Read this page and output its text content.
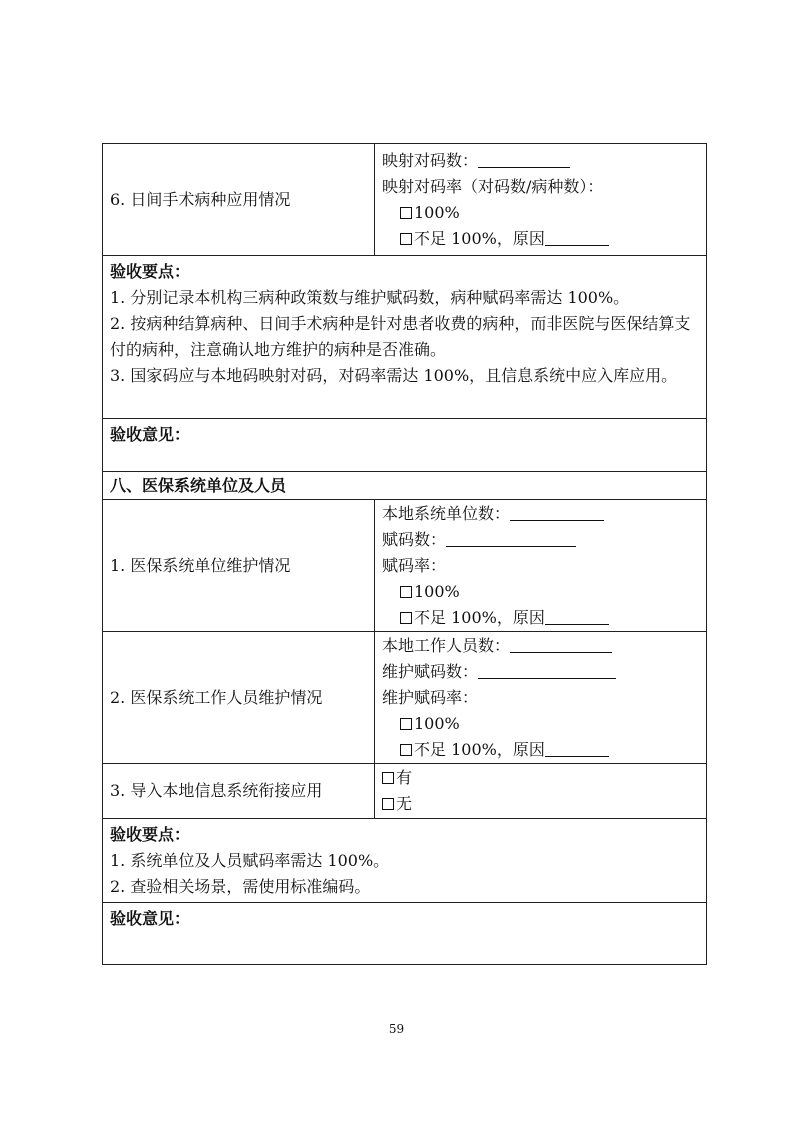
6. 日间手术病种应用情况	映射对码数：
映射对码率（对码数/病种数）：
100%
不足 100%，原因

验收要点：
1. 分别记录本机构三病种政策数与维护赋码数，病种赋码率需达 100%。
2. 按病种结算病种、日间手术病种是针对患者收费的病种，而非医院与医保结算支付的病种，注意确认地方维护的病种是否准确。
3. 国家码应与本地码映射对码，对码率需达 100%，且信息系统中应入库应用。	

验收意见：	
八、医保系统单位及人员	
1. 医保系统单位维护情况	本地系统单位数：
赋码数：
赋码率：
100%
不足 100%，原因

2. 医保系统工作人员维护情况	本地工作人员数：
维护赋码数：
维护赋码率：
100%
不足 100%，原因

3. 导入本地信息系统衔接应用	有
无

验收要点：
1. 系统单位及人员赋码率需达 100%。
2. 查验相关场景，需使用标准编码。	

验收意见：	
59
